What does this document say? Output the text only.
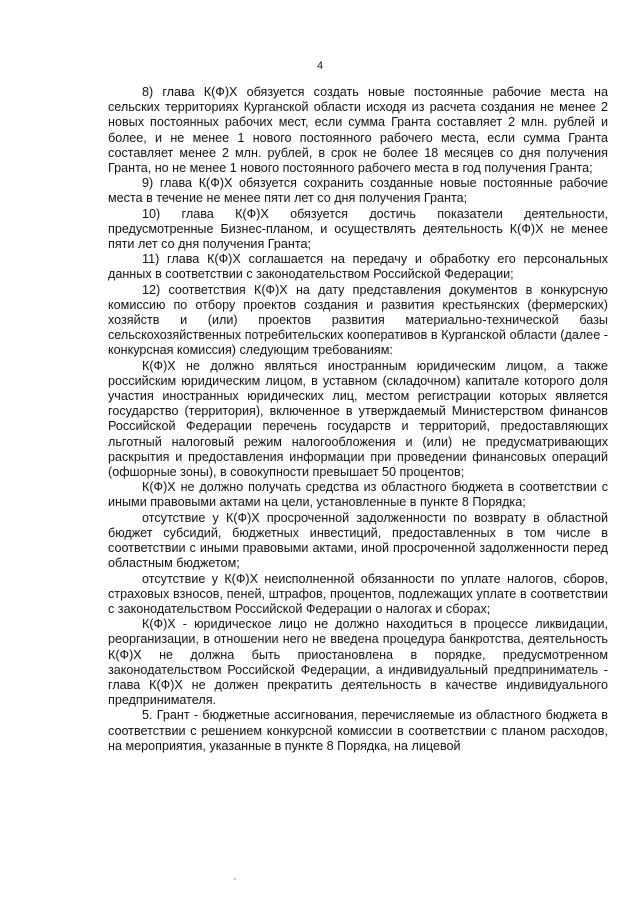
4

8) глава К(Ф)Х обязуется создать новые постоянные рабочие места на сельских территориях Курганской области исходя из расчета создания не менее 2 новых постоянных рабочих мест, если сумма Гранта составляет 2 млн. рублей и более, и не менее 1 нового постоянного рабочего места, если сумма Гранта составляет менее 2 млн. рублей, в срок не более 18 месяцев со дня получения Гранта, но не менее 1 нового постоянного рабочего места в год получения Гранта;

9) глава К(Ф)Х обязуется сохранить созданные новые постоянные рабочие места в течение не менее пяти лет со дня получения Гранта;

10) глава К(Ф)Х обязуется достичь показатели деятельности, предусмотренные Бизнес-планом, и осуществлять деятельность К(Ф)Х не менее пяти лет со дня получения Гранта;

11) глава К(Ф)Х соглашается на передачу и обработку его персональных данных в соответствии с законодательством Российской Федерации;

12) соответствия К(Ф)Х на дату представления документов в конкурсную комиссию по отбору проектов создания и развития крестьянских (фермерских) хозяйств и (или) проектов развития материально-технической базы сельскохозяйственных потребительских кооперативов в Курганской области (далее - конкурсная комиссия) следующим требованиям:

К(Ф)Х не должно являться иностранным юридическим лицом, а также российским юридическим лицом, в уставном (складочном) капитале которого доля участия иностранных юридических лиц, местом регистрации которых является государство (территория), включенное в утверждаемый Министерством финансов Российской Федерации перечень государств и территорий, предоставляющих льготный налоговый режим налогообложения и (или) не предусматривающих раскрытия и предоставления информации при проведении финансовых операций (офшорные зоны), в совокупности превышает 50 процентов;

К(Ф)Х не должно получать средства из областного бюджета в соответствии с иными правовыми актами на цели, установленные в пункте 8 Порядка;

отсутствие у К(Ф)Х просроченной задолженности по возврату в областной бюджет субсидий, бюджетных инвестиций, предоставленных в том числе в соответствии с иными правовыми актами, иной просроченной задолженности перед областным бюджетом;

отсутствие у К(Ф)Х неисполненной обязанности по уплате налогов, сборов, страховых взносов, пеней, штрафов, процентов, подлежащих уплате в соответствии с законодательством Российской Федерации о налогах и сборах;

К(Ф)Х - юридическое лицо не должно находиться в процессе ликвидации, реорганизации, в отношении него не введена процедура банкротства, деятельность К(Ф)Х не должна быть приостановлена в порядке, предусмотренном законодательством Российской Федерации, а индивидуальный предприниматель - глава К(Ф)Х не должен прекратить деятельность в качестве индивидуального предпринимателя.

5. Грант - бюджетные ассигнования, перечисляемые из областного бюджета в соответствии с решением конкурсной комиссии в соответствии с планом расходов, на мероприятия, указанные в пункте 8 Порядка, на лицевой
